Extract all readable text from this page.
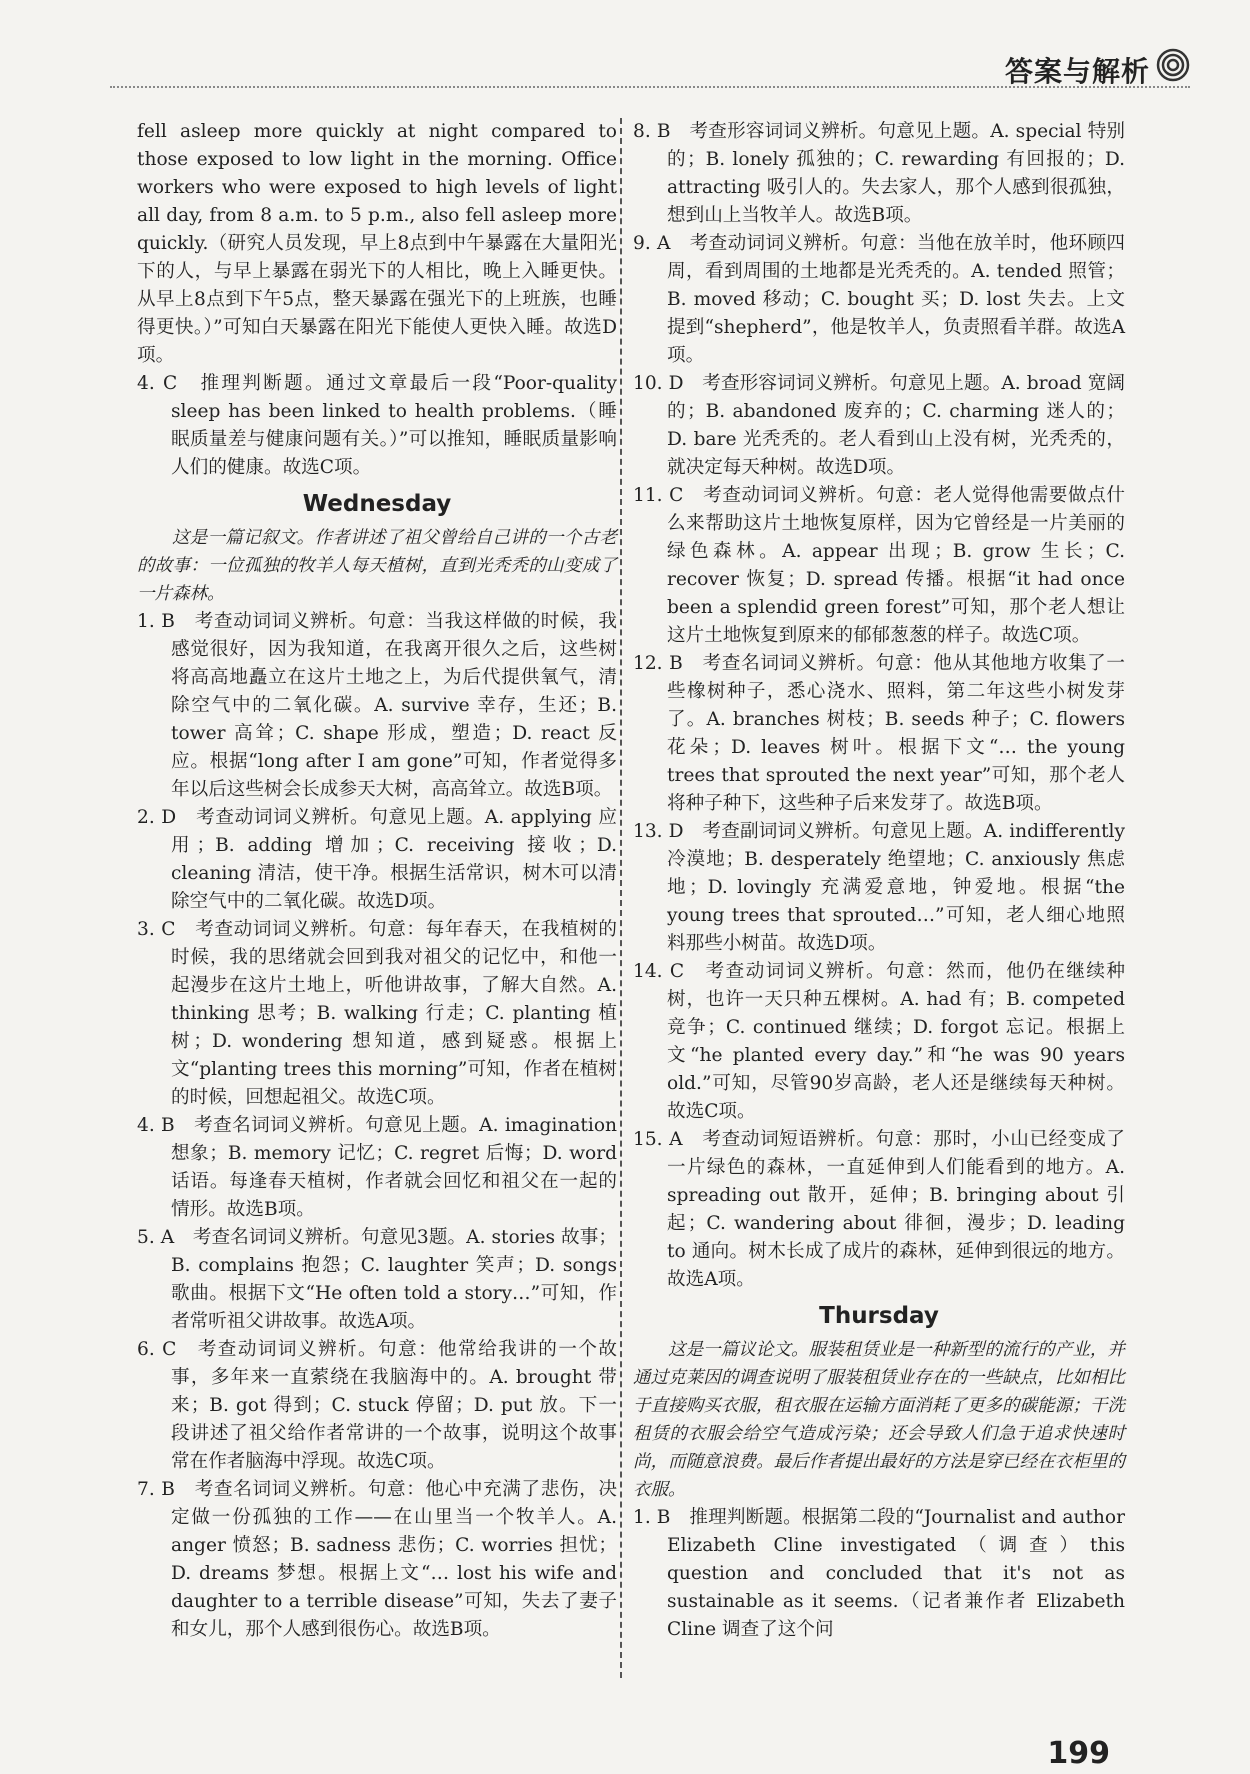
答案与解析

fell asleep more quickly at night compared to those exposed to low light in the morning. Office workers who were exposed to high levels of light all day, from 8 a.m. to 5 p.m., also fell asleep more quickly.（研究人员发现，早上8点到中午暴露在大量阳光下的人，与早上暴露在弱光下的人相比，晚上入睡更快。从早上8点到下午5点，整天暴露在强光下的上班族，也睡得更快。）”可知白天暴露在阳光下能使人更快入睡。故选D项。

4. C　推理判断题。通过文章最后一段“Poor-quality sleep has been linked to health problems.（睡眠质量差与健康问题有关。）”可以推知，睡眠质量影响人们的健康。故选C项。

Wednesday

这是一篇记叙文。作者讲述了祖父曾给自己讲的一个古老的故事：一位孤独的牧羊人每天植树，直到光秃秃的山变成了一片森林。

1. B　考查动词词义辨析。句意：当我这样做的时候，我感觉很好，因为我知道，在我离开很久之后，这些树将高高地矗立在这片土地之上，为后代提供氧气，清除空气中的二氧化碳。A. survive 幸存，生还；B. tower 高耸；C. shape 形成，塑造；D. react 反应。根据“long after I am gone”可知，作者觉得多年以后这些树会长成参天大树，高高耸立。故选B项。

2. D　考查动词词义辨析。句意见上题。A. applying 应用；B. adding 增加；C. receiving 接收；D. cleaning 清洁，使干净。根据生活常识，树木可以清除空气中的二氧化碳。故选D项。

3. C　考查动词词义辨析。句意：每年春天，在我植树的时候，我的思绪就会回到我对祖父的记忆中，和他一起漫步在这片土地上，听他讲故事，了解大自然。A. thinking 思考；B. walking 行走；C. planting 植树；D. wondering 想知道，感到疑惑。根据上文“planting trees this morning”可知，作者在植树的时候，回想起祖父。故选C项。

4. B　考查名词词义辨析。句意见上题。A. imagination 想象；B. memory 记忆；C. regret 后悔；D. word 话语。每逢春天植树，作者就会回忆和祖父在一起的情形。故选B项。

5. A　考查名词词义辨析。句意见3题。A. stories 故事；B. complains 抱怨；C. laughter 笑声；D. songs 歌曲。根据下文“He often told a story…”可知，作者常听祖父讲故事。故选A项。

6. C　考查动词词义辨析。句意：他常给我讲的一个故事，多年来一直萦绕在我脑海中的。A. brought 带来；B. got 得到；C. stuck 停留；D. put 放。下一段讲述了祖父给作者常讲的一个故事，说明这个故事常在作者脑海中浮现。故选C项。

7. B　考查名词词义辨析。句意：他心中充满了悲伤，决定做一份孤独的工作——在山里当一个牧羊人。A. anger 愤怒；B. sadness 悲伤；C. worries 担忧；D. dreams 梦想。根据上文“… lost his wife and daughter to a terrible disease”可知，失去了妻子和女儿，那个人感到很伤心。故选B项。

8. B　考查形容词词义辨析。句意见上题。A. special 特别的；B. lonely 孤独的；C. rewarding 有回报的；D. attracting 吸引人的。失去家人，那个人感到很孤独，想到山上当牧羊人。故选B项。

9. A　考查动词词义辨析。句意：当他在放羊时，他环顾四周，看到周围的土地都是光秃秃的。A. tended 照管；B. moved 移动；C. bought 买；D. lost 失去。上文提到“shepherd”，他是牧羊人，负责照看羊群。故选A项。

10. D　考查形容词词义辨析。句意见上题。A. broad 宽阔的；B. abandoned 废弃的；C. charming 迷人的；D. bare 光秃秃的。老人看到山上没有树，光秃秃的，就决定每天种树。故选D项。

11. C　考查动词词义辨析。句意：老人觉得他需要做点什么来帮助这片土地恢复原样，因为它曾经是一片美丽的绿色森林。A. appear 出现；B. grow 生长；C. recover 恢复；D. spread 传播。根据“it had once been a splendid green forest”可知，那个老人想让这片土地恢复到原来的郁郁葱葱的样子。故选C项。

12. B　考查名词词义辨析。句意：他从其他地方收集了一些橡树种子，悉心浇水、照料，第二年这些小树发芽了。A. branches 树枝；B. seeds 种子；C. flowers 花朵；D. leaves 树叶。根据下文“… the young trees that sprouted the next year”可知，那个老人将种子种下，这些种子后来发芽了。故选B项。

13. D　考查副词词义辨析。句意见上题。A. indifferently 冷漠地；B. desperately 绝望地；C. anxiously 焦虑地；D. lovingly 充满爱意地，钟爱地。根据“the young trees that sprouted…”可知，老人细心地照料那些小树苗。故选D项。

14. C　考查动词词义辨析。句意：然而，他仍在继续种树，也许一天只种五棵树。A. had 有；B. competed 竞争；C. continued 继续；D. forgot 忘记。根据上文“he planted every day.”和“he was 90 years old.”可知，尽管90岁高龄，老人还是继续每天种树。故选C项。

15. A　考查动词短语辨析。句意：那时，小山已经变成了一片绿色的森林，一直延伸到人们能看到的地方。A. spreading out 散开，延伸；B. bringing about 引起；C. wandering about 徘徊，漫步；D. leading to 通向。树木长成了成片的森林，延伸到很远的地方。故选A项。

Thursday

这是一篇议论文。服装租赁业是一种新型的流行的产业，并通过克莱因的调查说明了服装租赁业存在的一些缺点，比如相比于直接购买衣服，租衣服在运输方面消耗了更多的碳能源；干洗租赁的衣服会给空气造成污染；还会导致人们急于追求快速时尚，而随意浪费。最后作者提出最好的方法是穿已经在衣柜里的衣服。

1. B　推理判断题。根据第二段的“Journalist and author Elizabeth Cline investigated（调查）this question and concluded that it's not as sustainable as it seems.（记者兼作者 Elizabeth Cline 调查了这个问

199
